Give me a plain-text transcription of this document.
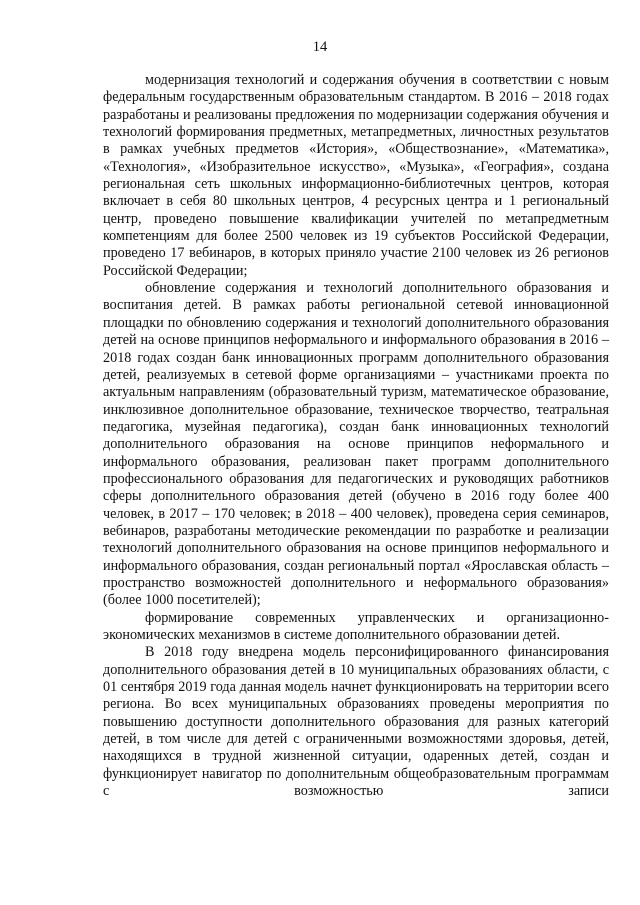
14

модернизация технологий и содержания обучения в соответствии с новым федеральным государственным образовательным стандартом. В 2016 – 2018 годах разработаны и реализованы предложения по модернизации содержания обучения и технологий формирования предметных, метапредметных, личностных результатов в рамках учебных предметов «История», «Обществознание», «Математика», «Технология», «Изобразительное искусство», «Музыка», «География», создана региональная сеть школьных информационно-библиотечных центров, которая включает в себя 80 школьных центров, 4 ресурсных центра и 1 региональный центр, проведено повышение квалификации учителей по метапредметным компетенциям для более 2500 человек из 19 субъектов Российской Федерации, проведено 17 вебинаров, в которых приняло участие 2100 человек из 26 регионов Российской Федерации;

обновление содержания и технологий дополнительного образования и воспитания детей. В рамках работы региональной сетевой инновационной площадки по обновлению содержания и технологий дополнительного образования детей на основе принципов неформального и информального образования в 2016 – 2018 годах создан банк инновационных программ дополнительного образования детей, реализуемых в сетевой форме организациями – участниками проекта по актуальным направлениям (образовательный туризм, математическое образование, инклюзивное дополнительное образование, техническое творчество, театральная педагогика, музейная педагогика), создан банк инновационных технологий дополнительного образования на основе принципов неформального и информального образования, реализован пакет программ дополнительного профессионального образования для педагогических и руководящих работников сферы дополнительного образования детей (обучено в 2016 году более 400 человек, в 2017 – 170 человек; в 2018 – 400 человек), проведена серия семинаров, вебинаров, разработаны методические рекомендации по разработке и реализации технологий дополнительного образования на основе принципов неформального и информального образования, создан региональный портал «Ярославская область – пространство возможностей дополнительного и неформального образования» (более 1000 посетителей);

формирование современных управленческих и организационно-экономических механизмов в системе дополнительного образовании детей.

В 2018 году внедрена модель персонифицированного финансирования дополнительного образования детей в 10 муниципальных образованиях области, с 01 сентября 2019 года данная модель начнет функционировать на территории всего региона. Во всех муниципальных образованиях проведены мероприятия по повышению доступности дополнительного образования для разных категорий детей, в том числе для детей с ограниченными возможностями здоровья, детей, находящихся в трудной жизненной ситуации, одаренных детей, создан и функционирует навигатор по дополнительным общеобразовательным программам с возможностью записи
